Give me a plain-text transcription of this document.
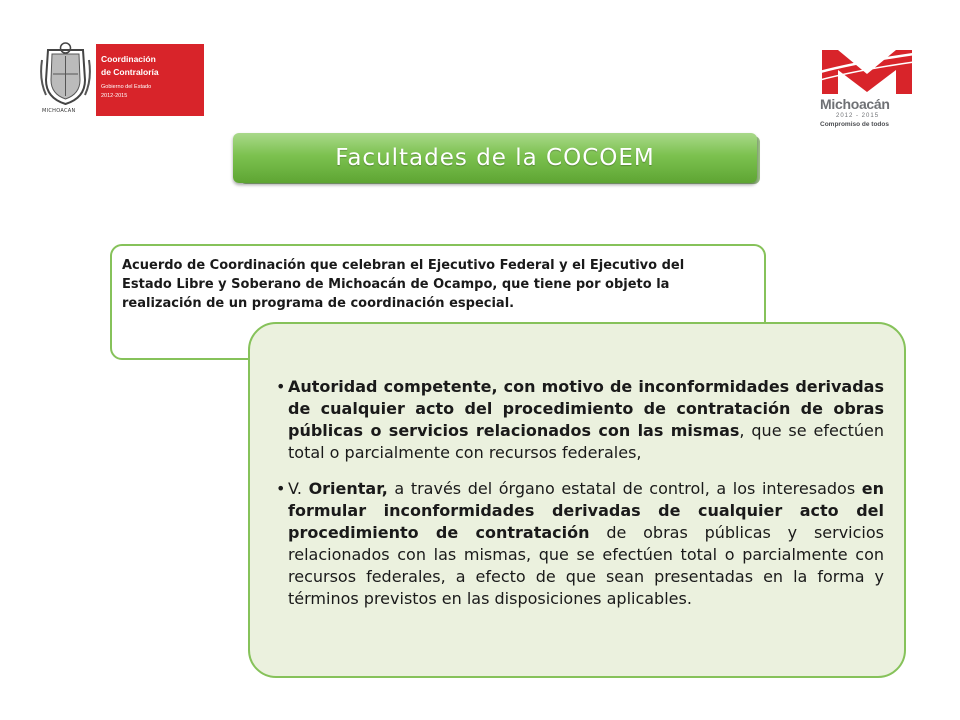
MICHOACAN
Coordinación
de Contraloría
Gobierno del Estado
2012-2015	Michoacán
2012 - 2015
Compromiso de todos
Facultades de la COCOEM

Acuerdo de Coordinación que celebran el Ejecutivo Federal y el Ejecutivo del Estado Libre y Soberano de Michoacán de Ocampo, que tiene por objeto la realización de un programa de coordinación especial.

• Autoridad competente, con motivo de inconformidades derivadas de cualquier acto del procedimiento de contratación de obras públicas o servicios relacionados con las mismas, que se efectúen total o parcialmente con recursos federales,
• V. Orientar, a través del órgano estatal de control, a los interesados en formular inconformidades derivadas de cualquier acto del procedimiento de contratación de obras públicas y servicios relacionados con las mismas, que se efectúen total o parcialmente con recursos federales, a efecto de que sean presentadas en la forma y términos previstos en las disposiciones aplicables.
